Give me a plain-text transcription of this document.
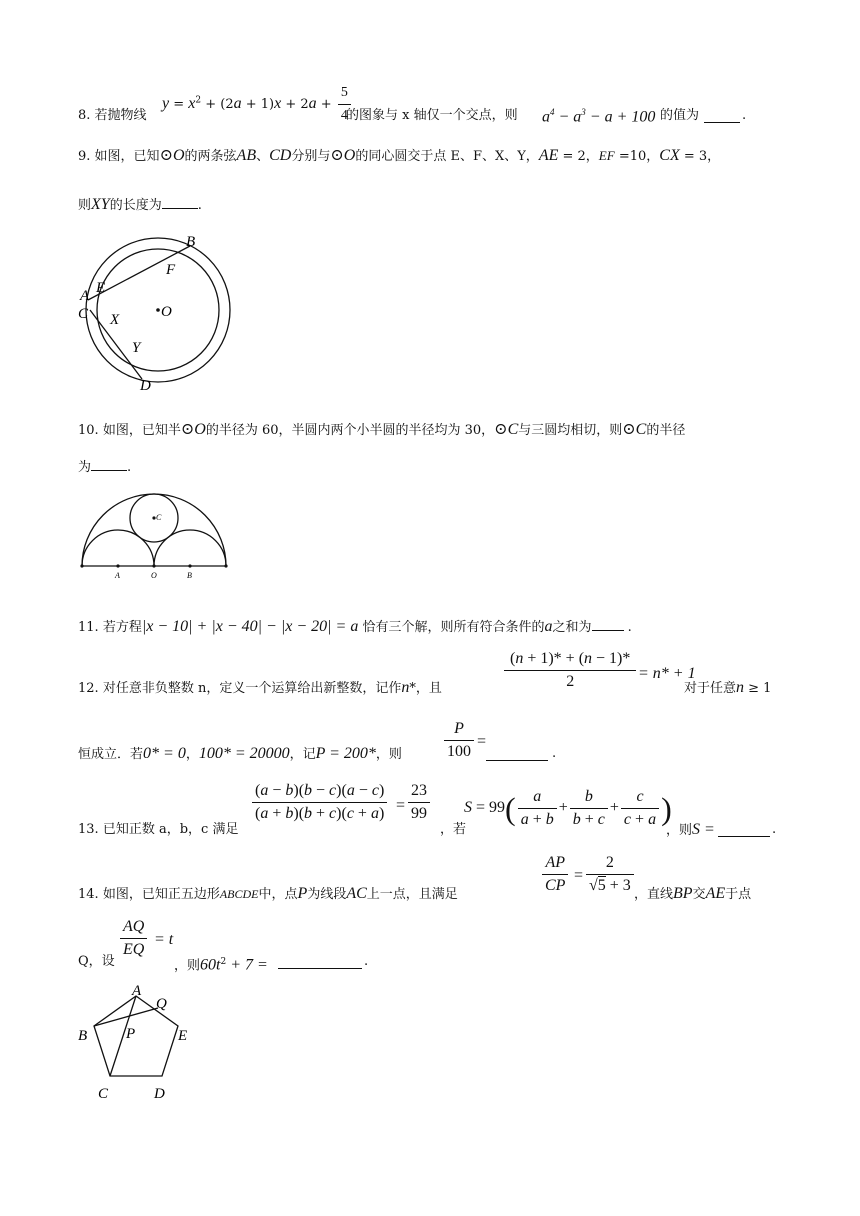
8. 若抛物线
$y = x^2 + (2a + 1)x + 2a + \frac{5}{4}$
的图象与 x 轴仅一个交点，则 $a^4 - a^3 - a + 100$ 的值为	.
9. 如图，已知⊙O的两条弦AB、CD分别与⊙O的同心圆交于点 E、F、X、Y，AE = 2，EF =10，CX = 3，
则XY的长度为	.
B
F
A E
O
C X
Y
D
10. 如图，已知半⊙O的半径为 60，半圆内两个小半圆的半径均为 30，⊙C与三圆均相切，则⊙C的半径
为	.
C
A	O	B
11. 若方程|x − 10| + |x − 40| − |x − 20| = a 恰有三个解，则所有符合条件的a之和为	.
12. 对任意非负整数 n，定义一个运算给出新整数，记作n*，且	$\frac{(n + 1)* + (n - 1)*}{2} = n* + 1$
对于任意n ≥ 1
恒成立．若0* = 0，100* = 20000，记P = 200*，则	$\frac{P}{100}$ =
.
13. 已知正数 a，b，c 满足
$\frac{(a - b)(b - c)(a - c)}{(a + b)(b + c)(c + a)} = \frac{23}{99}$
，若
$S = 99( \frac{a}{a + b} + \frac{b}{b + c} + \frac{c}{c + a}$ )
，则S =	.
14. 如图，已知正五边形ABCDE中，点P为线段AC上一点，且满足	$\frac{AP}{CP} = \frac{2}{√5 + 3}$ ，直线BP交AE于点
Q，设
$\frac{AQ}{EQ} = t$
，则$60t^2 + 7$ =	.
A
Q
B	P	E
C	D
